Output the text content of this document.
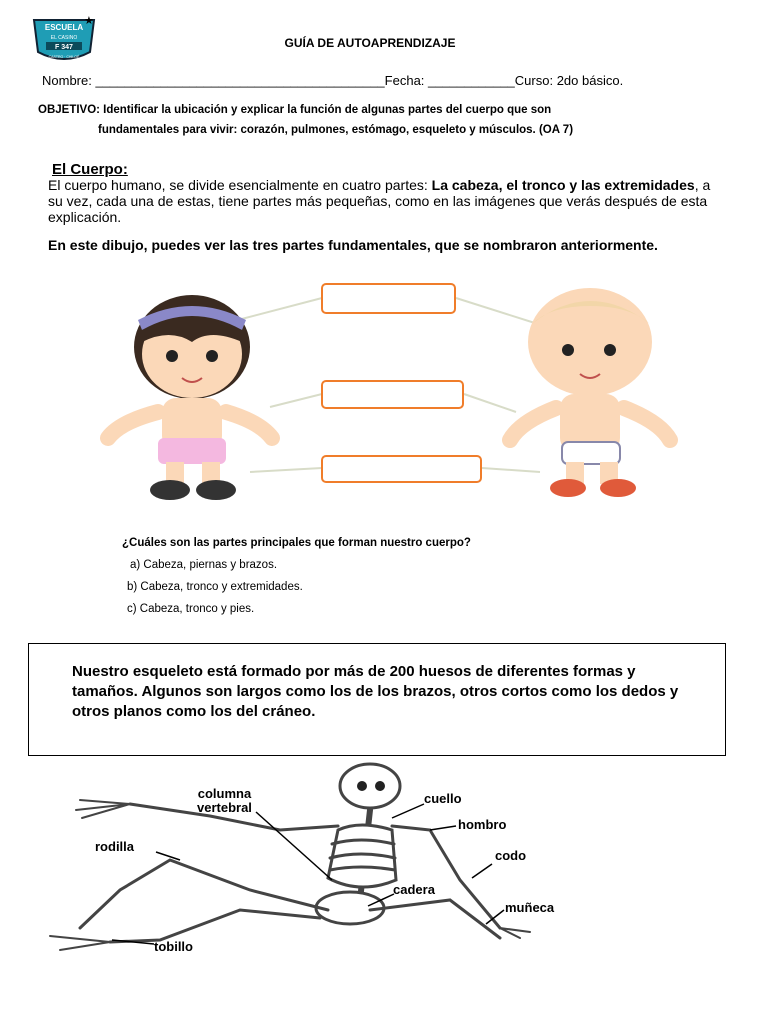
ESCUELA
EL CASINO
F 347
CASTRO · CHILOÉ
★
GUÍA DE AUTOAPRENDIZAJE
Nombre: ________________________________________Fecha: ____________Curso: 2do básico.
OBJETIVO: Identificar la ubicación y explicar la función de algunas partes del cuerpo que son
fundamentales para vivir: corazón, pulmones, estómago, esqueleto y músculos. (OA 7)
El Cuerpo:
El cuerpo humano, se divide esencialmente en cuatro partes: La cabeza, el tronco y las extremidades, a su vez, cada una de estas, tiene partes más pequeñas, como en las imágenes que verás después de esta explicación.
En este dibujo, puedes ver las tres partes fundamentales, que se nombraron anteriormente.
¿Cuáles son las partes principales que forman nuestro cuerpo?
a) Cabeza, piernas y brazos.
b) Cabeza, tronco y extremidades.
c) Cabeza, tronco y pies.
Nuestro esqueleto está formado por más de 200 huesos de diferentes formas y tamaños. Algunos son largos como los de los brazos, otros cortos como los dedos y otros planos como los del cráneo.
columna
vertebral
cuello
hombro
rodilla
codo
cadera
muñeca
tobillo
